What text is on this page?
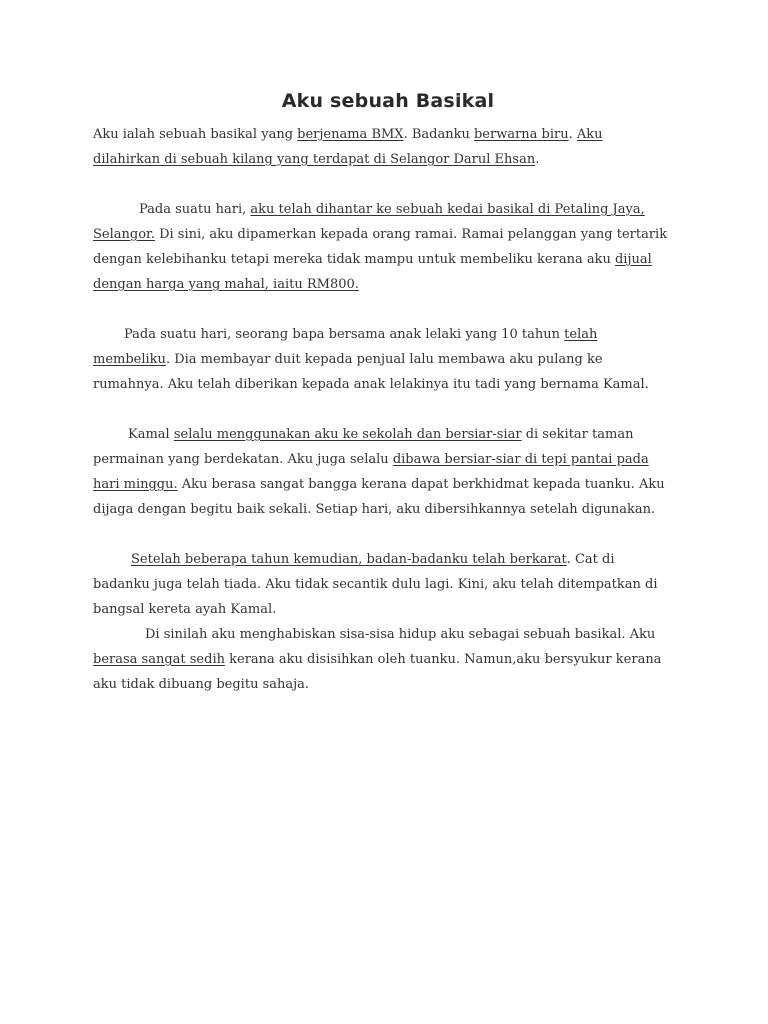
Aku sebuah Basikal

Aku ialah sebuah basikal yang berjenama BMX. Badanku berwarna biru. Aku dilahirkan di sebuah kilang yang terdapat di Selangor Darul Ehsan.

Pada suatu hari, aku telah dihantar ke sebuah kedai basikal di Petaling Jaya, Selangor. Di sini, aku dipamerkan kepada orang ramai. Ramai pelanggan yang tertarik dengan kelebihanku tetapi mereka tidak mampu untuk membeliku kerana aku dijual dengan harga yang mahal, iaitu RM800.

Pada suatu hari, seorang bapa bersama anak lelaki yang 10 tahun telah membeliku. Dia membayar duit kepada penjual lalu membawa aku pulang ke rumahnya. Aku telah diberikan kepada anak lelakinya itu tadi yang bernama Kamal.

Kamal selalu menggunakan aku ke sekolah dan bersiar-siar di sekitar taman permainan yang berdekatan. Aku juga selalu dibawa bersiar-siar di tepi pantai pada hari minggu. Aku berasa sangat bangga kerana dapat berkhidmat kepada tuanku. Aku dijaga dengan begitu baik sekali. Setiap hari, aku dibersihkannya setelah digunakan.

Setelah beberapa tahun kemudian, badan-badanku telah berkarat. Cat di badanku juga telah tiada. Aku tidak secantik dulu lagi. Kini, aku telah ditempatkan di bangsal kereta ayah Kamal.

Di sinilah aku menghabiskan sisa-sisa hidup aku sebagai sebuah basikal. Aku berasa sangat sedih kerana aku disisihkan oleh tuanku. Namun,aku bersyukur kerana aku tidak dibuang begitu sahaja.
